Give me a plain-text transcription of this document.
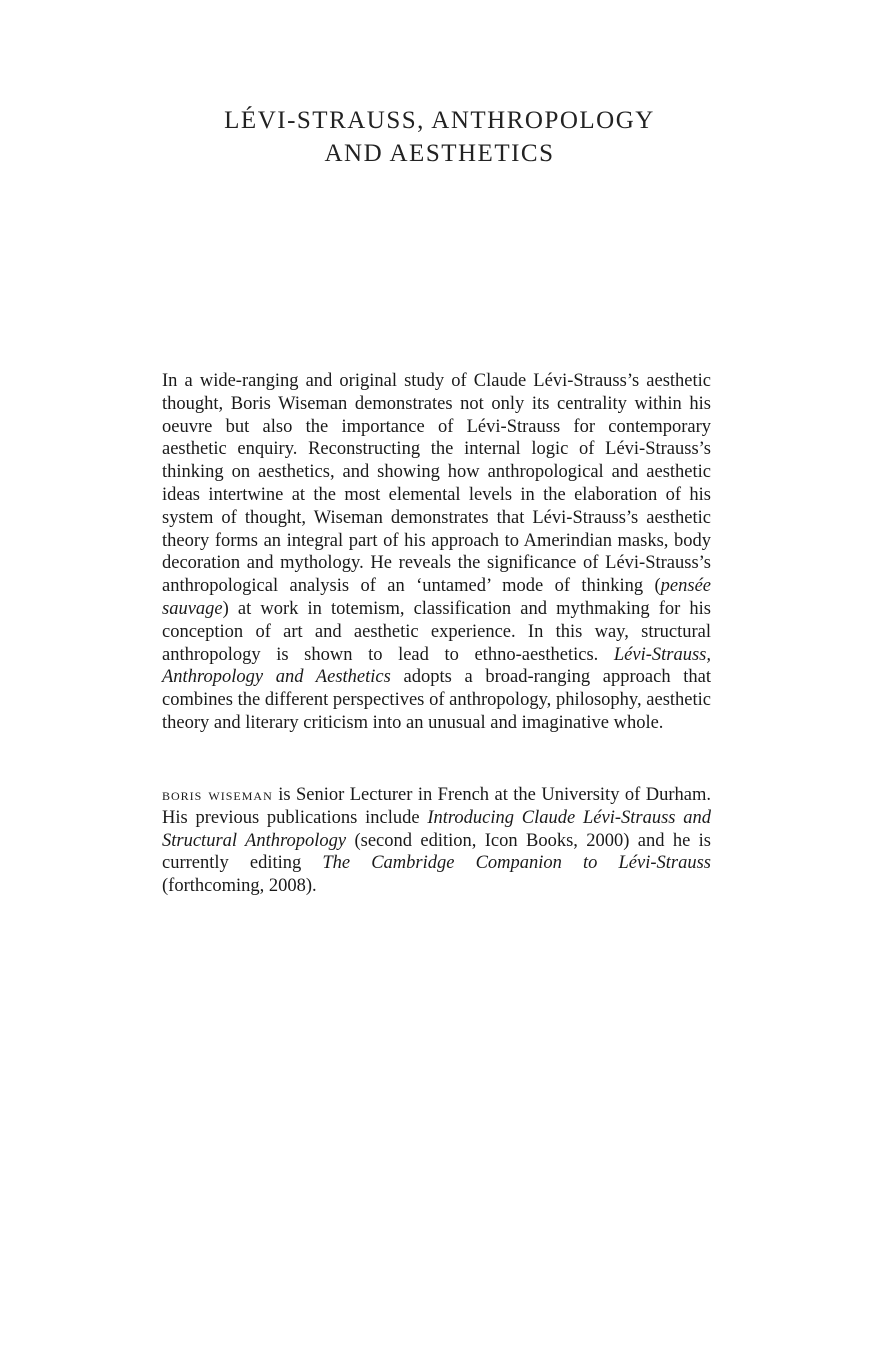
LÉVI-STRAUSS, ANTHROPOLOGY
AND AESTHETICS
In a wide-ranging and original study of Claude Lévi-Strauss’s aesthetic thought, Boris Wiseman demonstrates not only its centrality within his oeuvre but also the importance of Lévi-Strauss for contemporary aesthetic enquiry. Reconstructing the internal logic of Lévi-Strauss’s thinking on aesthetics, and showing how anthropological and aesthetic ideas intertwine at the most elemental levels in the elaboration of his system of thought, Wiseman demonstrates that Lévi-Strauss’s aesthetic theory forms an integral part of his approach to Amerindian masks, body decoration and mythology. He reveals the significance of Lévi-Strauss’s anthropological analysis of an ‘untamed’ mode of thinking (pensée sauvage) at work in totemism, classification and mythmaking for his conception of art and aesthetic experience. In this way, structural anthropology is shown to lead to ethno-aesthetics. Lévi-Strauss, Anthropology and Aesthetics adopts a broad-ranging approach that combines the different perspectives of anthropology, philosophy, aesthetic theory and literary criticism into an unusual and imaginative whole.
boris wiseman is Senior Lecturer in French at the University of Durham. His previous publications include Introducing Claude Lévi-Strauss and Structural Anthropology (second edition, Icon Books, 2000) and he is currently editing The Cambridge Companion to Lévi-Strauss (forthcoming, 2008).
